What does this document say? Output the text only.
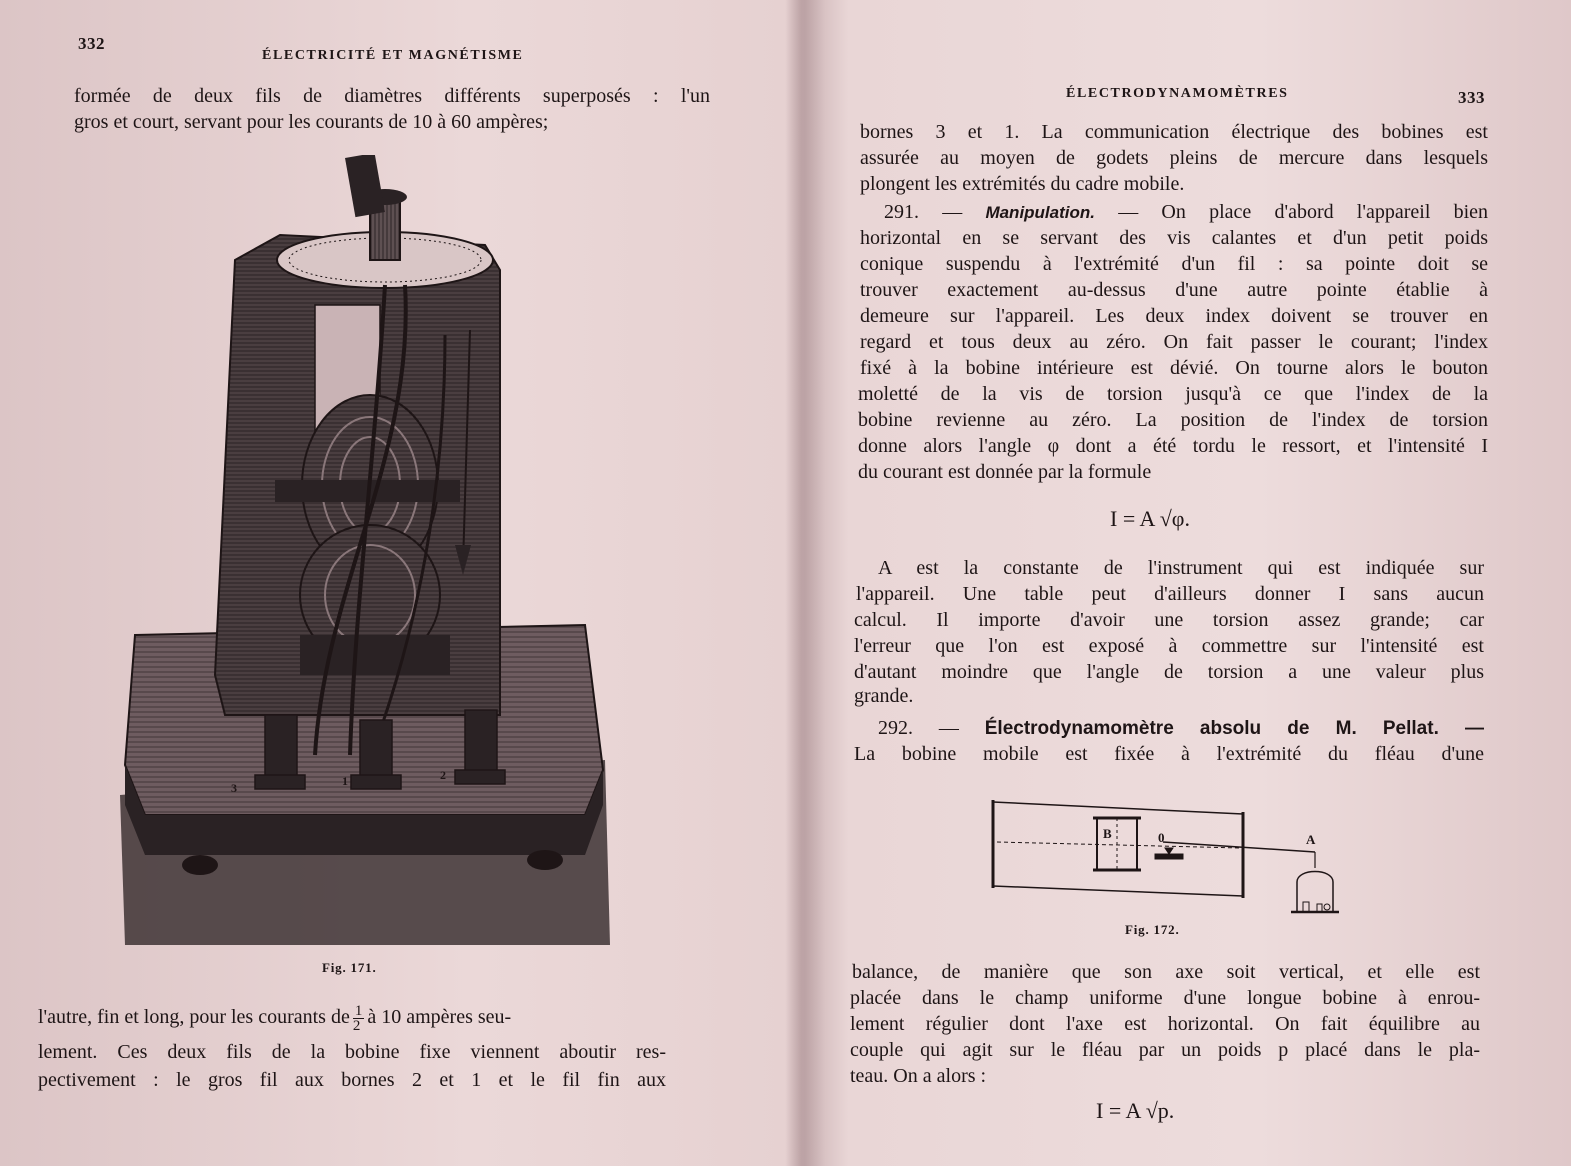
332
ÉLECTRICITÉ ET MAGNÉTISME
formée de deux fils de diamètres différents superposés : l'un
gros et court, servant pour les courants de 10 à 60 ampères;
3	1	2
Fig. 171.
l'autre, fin et long, pour les courants de $\frac{1}{2}$ à 10 ampères seu-
lement. Ces deux fils de la bobine fixe viennent aboutir res-
pectivement : le gros fil aux bornes 2 et 1 et le fil fin aux
ÉLECTRODYNAMOMÈTRES	333
bornes 3 et 1. La communication électrique des bobines est
assurée au moyen de godets pleins de mercure dans lesquels
plongent les extrémités du cadre mobile.
291. — Manipulation. — On place d'abord l'appareil bien
horizontal en se servant des vis calantes et d'un petit poids
conique suspendu à l'extrémité d'un fil : sa pointe doit se
trouver exactement au-dessus d'une autre pointe établie à
demeure sur l'appareil. Les deux index doivent se trouver en
regard et tous deux au zéro. On fait passer le courant; l'index
fixé à la bobine intérieure est dévié. On tourne alors le bouton
moletté de la vis de torsion jusqu'à ce que l'index de la
bobine revienne au zéro. La position de l'index de torsion
donne alors l'angle φ dont a été tordu le ressort, et l'intensité I
du courant est donnée par la formule
I = A √φ.
A est la constante de l'instrument qui est indiquée sur
l'appareil. Une table peut d'ailleurs donner I sans aucun
calcul. Il importe d'avoir une torsion assez grande; car
l'erreur que l'on est exposé à commettre sur l'intensité est
d'autant moindre que l'angle de torsion a une valeur plus
grande.
292. — Électrodynamomètre absolu de M. Pellat. —
La bobine mobile est fixée à l'extrémité du fléau d'une
B	0	A
Fig. 172.
balance, de manière que son axe soit vertical, et elle est
placée dans le champ uniforme d'une longue bobine à enrou-
lement régulier dont l'axe est horizontal. On fait équilibre au
couple qui agit sur le fléau par un poids p placé dans le pla-
teau. On a alors :
I = A √p.
